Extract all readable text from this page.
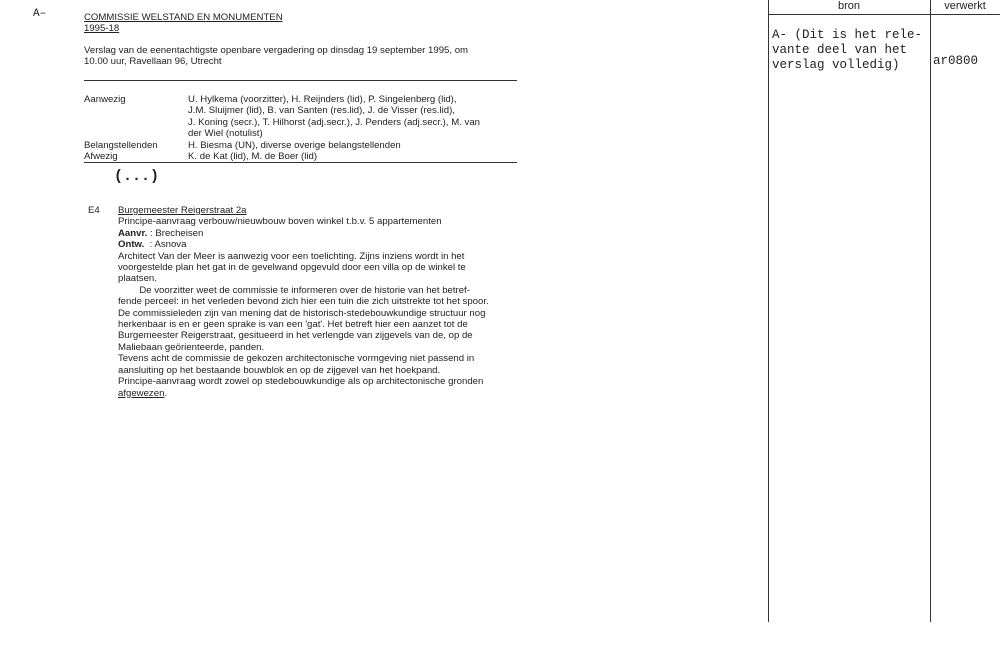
A–	COMMISSIE WELSTAND EN MONUMENTEN
1995-18
Verslag van de eenentachtigste openbare vergadering op dinsdag 19 september 1995, om
10.00 uur, Ravellaan 96, Utrecht
Aanwezig	U. Hylkema (voorzitter), H. Reijnders (lid), P. Singelenberg (lid),
J.M. Sluijmer (lid), B. van Santen (res.lid), J. de Visser (res.lid),
J. Koning (secr.), T. Hilhorst (adj.secr.), J. Penders (adj.secr.), M. van
der Wiel (notulist)
Belangstellenden	H. Biesma (UN), diverse overige belangstellenden
Afwezig	K. de Kat (lid), M. de Boer (lid)
(...)
E4 Burgemeester Reigerstraat 2a
Principe-aanvraag verbouw/nieuwbouw boven winkel t.b.v. 5 appartementen
Aanvr. : Brecheisen
Ontw. : Asnova
Architect Van der Meer is aanwezig voor een toelichting. Zijns inziens wordt in het
voorgestelde plan het gat in de gevelwand opgevuld door een villa op de winkel te
plaatsen.
De voorzitter weet de commissie te informeren over de historie van het betref-
fende perceel: in het verleden bevond zich hier een tuin die zich uitstrekte tot het spoor.
De commissieleden zijn van mening dat de historisch-stedebouwkundige structuur nog
herkenbaar is en er geen sprake is van een 'gat'. Het betreft hier een aanzet tot de
Burgemeester Reigerstraat, gesitueerd in het verlengde van zijgevels van de, op de
Maliebaan geörienteerde, panden.
Tevens acht de commissie de gekozen architectonische vormgeving niet passend in
aansluiting op het bestaande bouwblok en op de zijgevel van het hoekpand.
Principe-aanvraag wordt zowel op stedebouwkundige als op architectonische gronden
afgewezen.
bron	verwerkt
A- (Dit is het rele-
vante deel van het
verslag volledig)	ar0800
